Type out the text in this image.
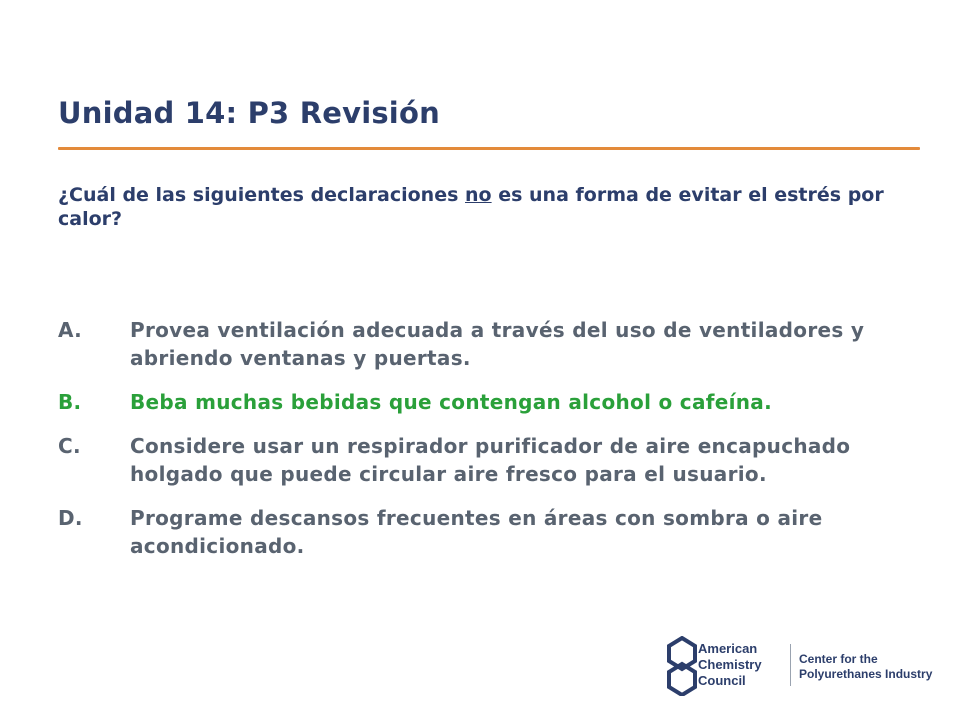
Unidad 14: P3 Revisión
¿Cuál de las siguientes declaraciones no es una forma de evitar el estrés por calor?
A.	Provea ventilación adecuada a través del uso de ventiladores y abriendo ventanas y puertas.
B.	Beba muchas bebidas que contengan alcohol o cafeína.
C.	Considere usar un respirador purificador de aire encapuchado holgado que puede circular aire fresco para el usuario.
D.	Programe descansos frecuentes en áreas con sombra o aire acondicionado.
American
Chemistry
Council
Center for the
Polyurethanes Industry
